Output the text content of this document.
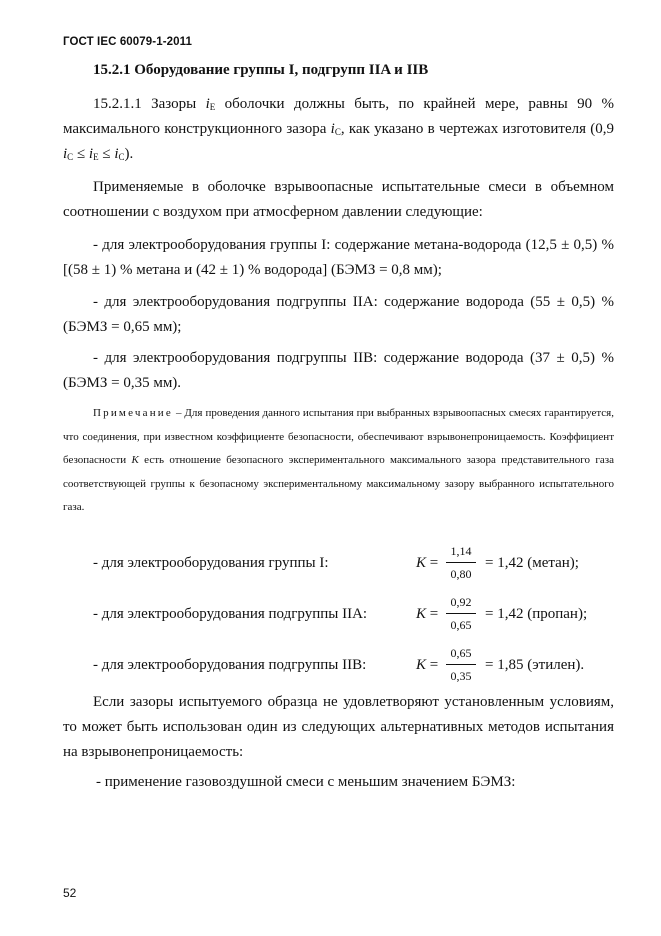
ГОСТ IEC 60079-1-2011
15.2.1 Оборудование группы I, подгрупп IIA и IIB
15.2.1.1 Зазоры $i_E$ оболочки должны быть, по крайней мере, равны 90 % максимального конструкционного зазора $i_C$, как указано в чертежах изготовителя (0,9 $i_C \le i_E \le i_C$).
Применяемые в оболочке взрывоопасные испытательные смеси в объемном соотношении с воздухом при атмосферном давлении следующие:
- для электрооборудования группы I: содержание метана-водорода (12,5 ± 0,5) % [(58 ± 1) % метана и (42 ± 1) % водорода] (БЭМЗ = 0,8 мм);
- для электрооборудования подгруппы IIA: содержание водорода (55 ± 0,5) % (БЭМЗ = 0,65 мм);
- для электрооборудования подгруппы IIB: содержание водорода (37 ± 0,5) % (БЭМЗ = 0,35 мм).
Примечание – Для проведения данного испытания при выбранных взрывоопасных смесях гарантируется, что соединения, при известном коэффициенте безопасности, обеспечивают взрывонепроницаемость. Коэффициент безопасности K есть отношение безопасного экспериментального максимального зазора представительного газа соответствующей группы к безопасному экспериментальному максимальному зазору выбранного испытательного газа.
- для электрооборудования группы I:	K =
1,14
0,80
= 1,42 (метан);
- для электрооборудования подгруппы IIA:	K =
0,92
0,65
= 1,42 (пропан);
- для электрооборудования подгруппы IIB:	K =
0,65
0,35
= 1,85 (этилен).
Если зазоры испытуемого образца не удовлетворяют установленным условиям, то может быть использован один из следующих альтернативных методов испытания на взрывонепроницаемость:
- применение газовоздушной смеси с меньшим значением БЭМЗ:
52
